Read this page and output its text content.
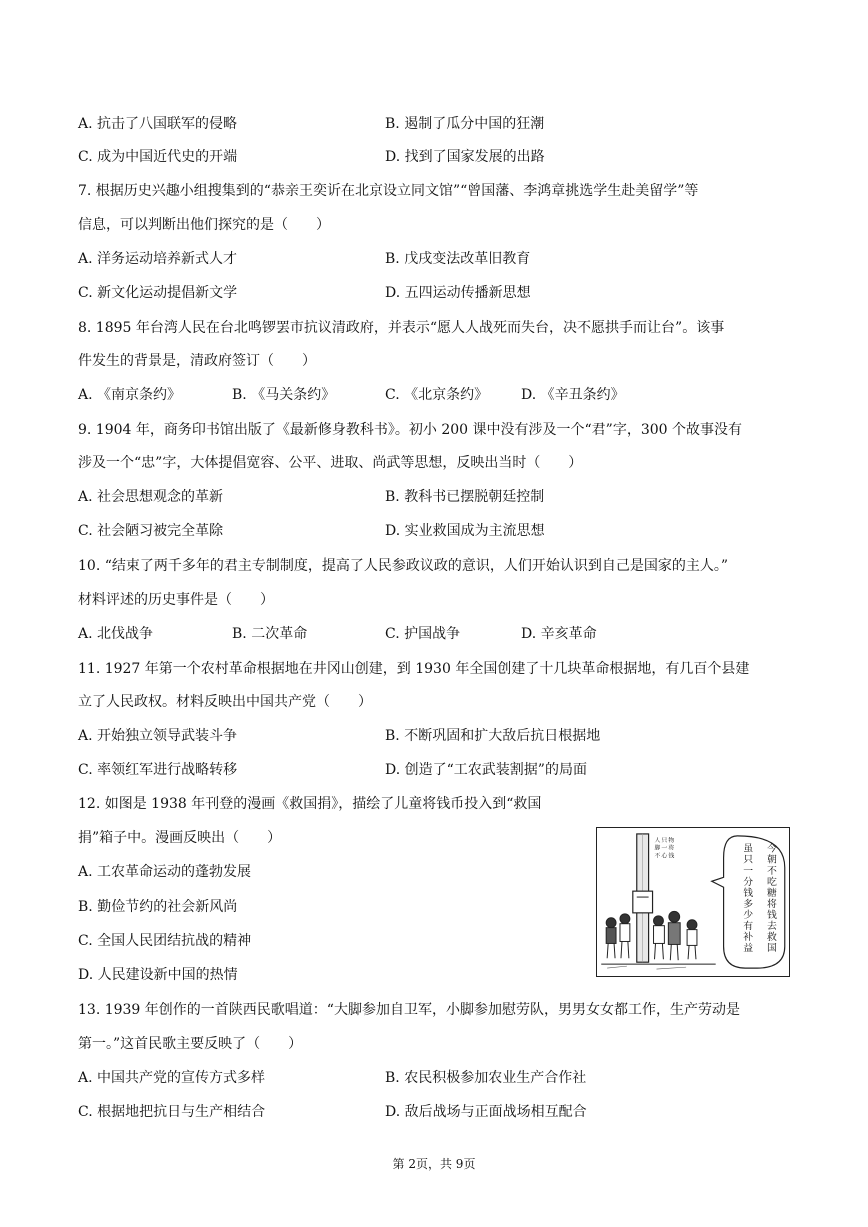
A. 抗击了八国联军的侵略	B. 遏制了瓜分中国的狂潮
C. 成为中国近代史的开端	D. 找到了国家发展的出路
7. 根据历史兴趣小组搜集到的“恭亲王奕䜣在北京设立同文馆”“曾国藩、李鸿章挑选学生赴美留学”等
信息，可以判断出他们探究的是（　　）
A. 洋务运动培养新式人才	B. 戊戌变法改革旧教育
C. 新文化运动提倡新文学	D. 五四运动传播新思想
8. 1895 年台湾人民在台北鸣锣罢市抗议清政府，并表示“愿人人战死而失台，决不愿拱手而让台”。该事
件发生的背景是，清政府签订（　　）
A. 《南京条约》	B. 《马关条约》	C. 《北京条约》 D. 《辛丑条约》
9. 1904 年，商务印书馆出版了《最新修身教科书》。初小 200 课中没有涉及一个“君”字，300 个故事没有
涉及一个“忠”字，大体提倡宽容、公平、进取、尚武等思想，反映出当时（　　）
A. 社会思想观念的革新	B. 教科书已摆脱朝廷控制
C. 社会陋习被完全革除	D. 实业救国成为主流思想
10. “结束了两千多年的君主专制制度，提高了人民参政议政的意识，人们开始认识到自己是国家的主人。”
材料评述的历史事件是（　　）
A. 北伐战争	B. 二次革命	C. 护国战争	D. 辛亥革命
11. 1927 年第一个农村革命根据地在井冈山创建，到 1930 年全国创建了十几块革命根据地，有几百个县建
立了人民政权。材料反映出中国共产党（　　）
A. 开始独立领导武装斗争	B. 不断巩固和扩大敌后抗日根据地
C. 率领红军进行战略转移	D. 创造了“工农武装割据”的局面
12. 如图是 1938 年刊登的漫画《救国捐》，描绘了儿童将钱币投入到“救国
捐”箱子中。漫画反映出（　　）
A. 工农革命运动的蓬勃发展
B. 勤俭节约的社会新风尚
C. 全国人民团结抗战的精神
D. 人民建设新中国的热情
人
脚
不
只
一
心
物
将
钱
今
朝
不
吃
糖
将
钱
去
救
国
虽
只
一
分
钱
多
少
有
补
益
13. 1939 年创作的一首陕西民歌唱道：“大脚参加自卫军，小脚参加慰劳队，男男女女都工作，生产劳动是
第一。”这首民歌主要反映了（　　）
A. 中国共产党的宣传方式多样	B. 农民积极参加农业生产合作社
C. 根据地把抗日与生产相结合	D. 敌后战场与正面战场相互配合
第 2页，共 9页
